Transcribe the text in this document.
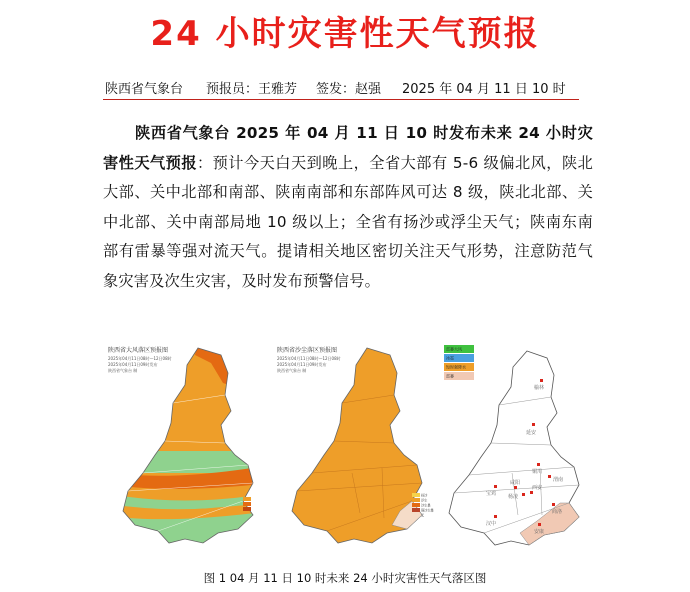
24 小时灾害性天气预报
陕西省气象台 预报员：王雅芳 签发：赵强 2025 年 04 月 11 日 10 时
陕西省气象台 2025 年 04 月 11 日 10 时发布未来 24 小时灾害性天气预报：预计今天白天到晚上，全省大部有 5-6 级偏北风，陕北大部、关中北部和南部、陕南南部和东部阵风可达 8 级，陕北北部、关中北部、关中南部局地 10 级以上；全省有扬沙或浮尘天气；陕南东南部有雷暴等强对流天气。提请相关地区密切关注天气形势，注意防范气象灾害及次生灾害，及时发布预警信号。
陕西省大风落区预报图
2025年04月11日08时—12日08时
2025年04月11日09时发布
陕西省气象台 制
陕西省沙尘落区预报图
2025年04月11日08时—12日08时
2025年04月11日09时发布
陕西省气象台 制
扬沙
浮尘
沙尘暴
强沙尘暴
无
雷暴大风
冰雹
短时强降水
雷暴
榆林
延安
铜川
渭南
宝鸡
咸阳
西安
杨凌
商洛
汉中
安康
图 1 04 月 11 日 10 时未来 24 小时灾害性天气落区图
